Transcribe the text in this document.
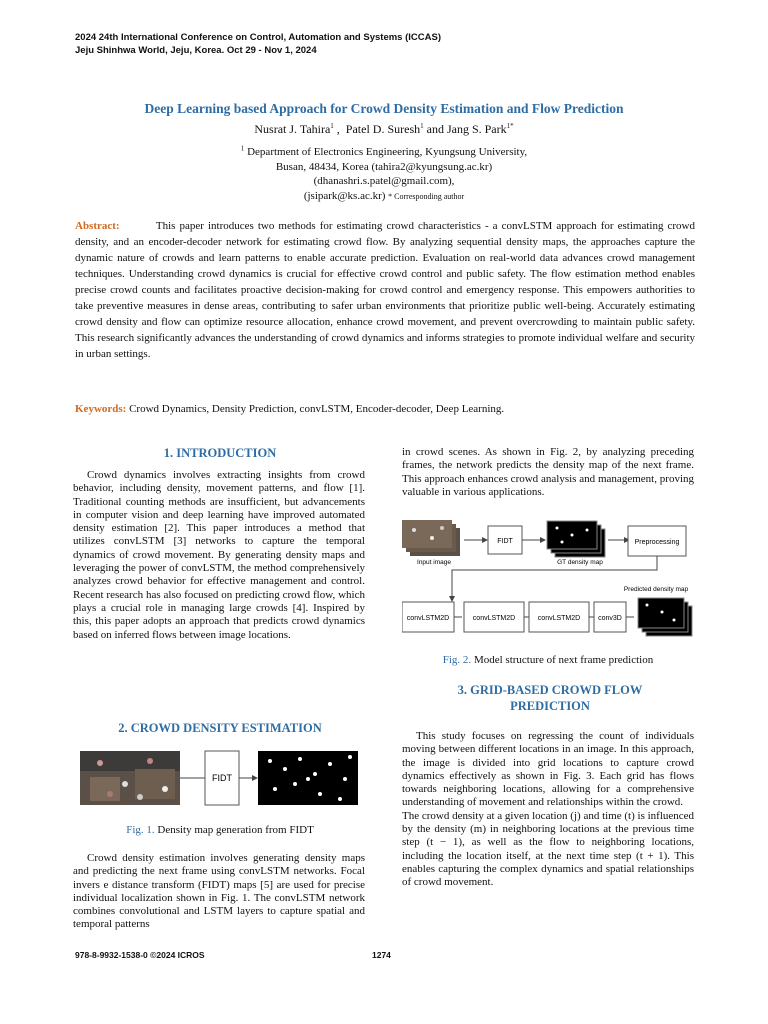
2024 24th International Conference on Control, Automation and Systems (ICCAS)
Jeju Shinhwa World, Jeju, Korea. Oct 29 - Nov 1, 2024
Deep Learning based Approach for Crowd Density Estimation and Flow Prediction
Nusrat J. Tahira$^1$ ,  Patel D. Suresh$^1$ and Jang S. Park$^{1*}$
$^1$ Department of Electronics Engineering, Kyungsung University,
Busan, 48434, Korea (tahira2@kyungsung.ac.kr)
(dhanashri.s.patel@gmail.com),
(jsipark@ks.ac.kr) * Corresponding author
Abstract:	This paper introduces two methods for estimating crowd characteristics - a convLSTM approach for estimating crowd density, and an encoder-decoder network for estimating crowd flow. By analyzing sequential density maps, the approaches capture the dynamic nature of crowds and learn patterns to enable accurate prediction. Evaluation on real-world data advances crowd management techniques. Understanding crowd dynamics is crucial for effective crowd control and public safety. The flow estimation method enables precise crowd counts and facilitates proactive decision-making for crowd control and emergency response. This empowers authorities to take preventive measures in dense areas, contributing to safer urban environments that prioritize public well-being. Accurately estimating crowd density and flow can optimize resource allocation, enhance crowd movement, and prevent overcrowding to maintain public safety. This research significantly advances the understanding of crowd dynamics and informs strategies to promote individual welfare and security in urban settings.
Keywords: Crowd Dynamics, Density Prediction, convLSTM, Encoder-decoder, Deep Learning.
1. INTRODUCTION

Crowd dynamics involves extracting insights from crowd behavior, including density, movement patterns, and flow [1]. Traditional counting methods are insufficient, but advancements in computer vision and deep learning have improved automated density estimation [2]. This paper introduces a method that utilizes convLSTM [3] networks to capture the temporal dynamics of crowd movement. By generating density maps and leveraging the power of convLSTM, the method comprehensively analyzes crowd behavior for effective management and control. Recent research has also focused on predicting crowd flow, which plays a crucial role in managing large crowds [4]. Inspired by this, this paper adopts an approach that predicts crowd dynamics based on inferred flows between image locations.

2. CROWD DENSITY ESTIMATION
FIDT
Fig. 1. Density map generation from FIDT

Crowd density estimation involves generating density maps and predicting the next frame using convLSTM networks. Focal invers e distance transform (FIDT) maps [5] are used for precise individual localization shown in Fig. 1. The convLSTM network combines convolutional and LSTM layers to capture spatial and temporal patterns

in crowd scenes. As shown in Fig. 2, by analyzing preceding frames, the network predicts the density map of the next frame. This approach enhances crowd analysis and management, proving valuable in various applications.

Input image
FIDT
GT density map
Preprocessing
Predicted density map
convLSTM2D	convLSTM2D	convLSTM2D	conv3D
Fig. 2. Model structure of next frame prediction
3. GRID-BASED CROWD FLOW PREDICTION

This study focuses on regressing the count of individuals moving between different locations in an image. In this approach, the image is divided into grid locations to capture crowd dynamics effectively as shown in Fig. 3. Each grid has flows towards neighboring locations, allowing for a comprehensive understanding of movement and relationships within the crowd.

The crowd density at a given location (j) and time (t) is influenced by the density (m) in neighboring locations at the previous time step (t − 1), as well as the flow to neighboring locations, including the location itself, at the next time step (t + 1). This enables capturing the complex dynamics and spatial relationships of crowd movement.

978-8-9932-1538-0 ©2024 ICROS	1274
